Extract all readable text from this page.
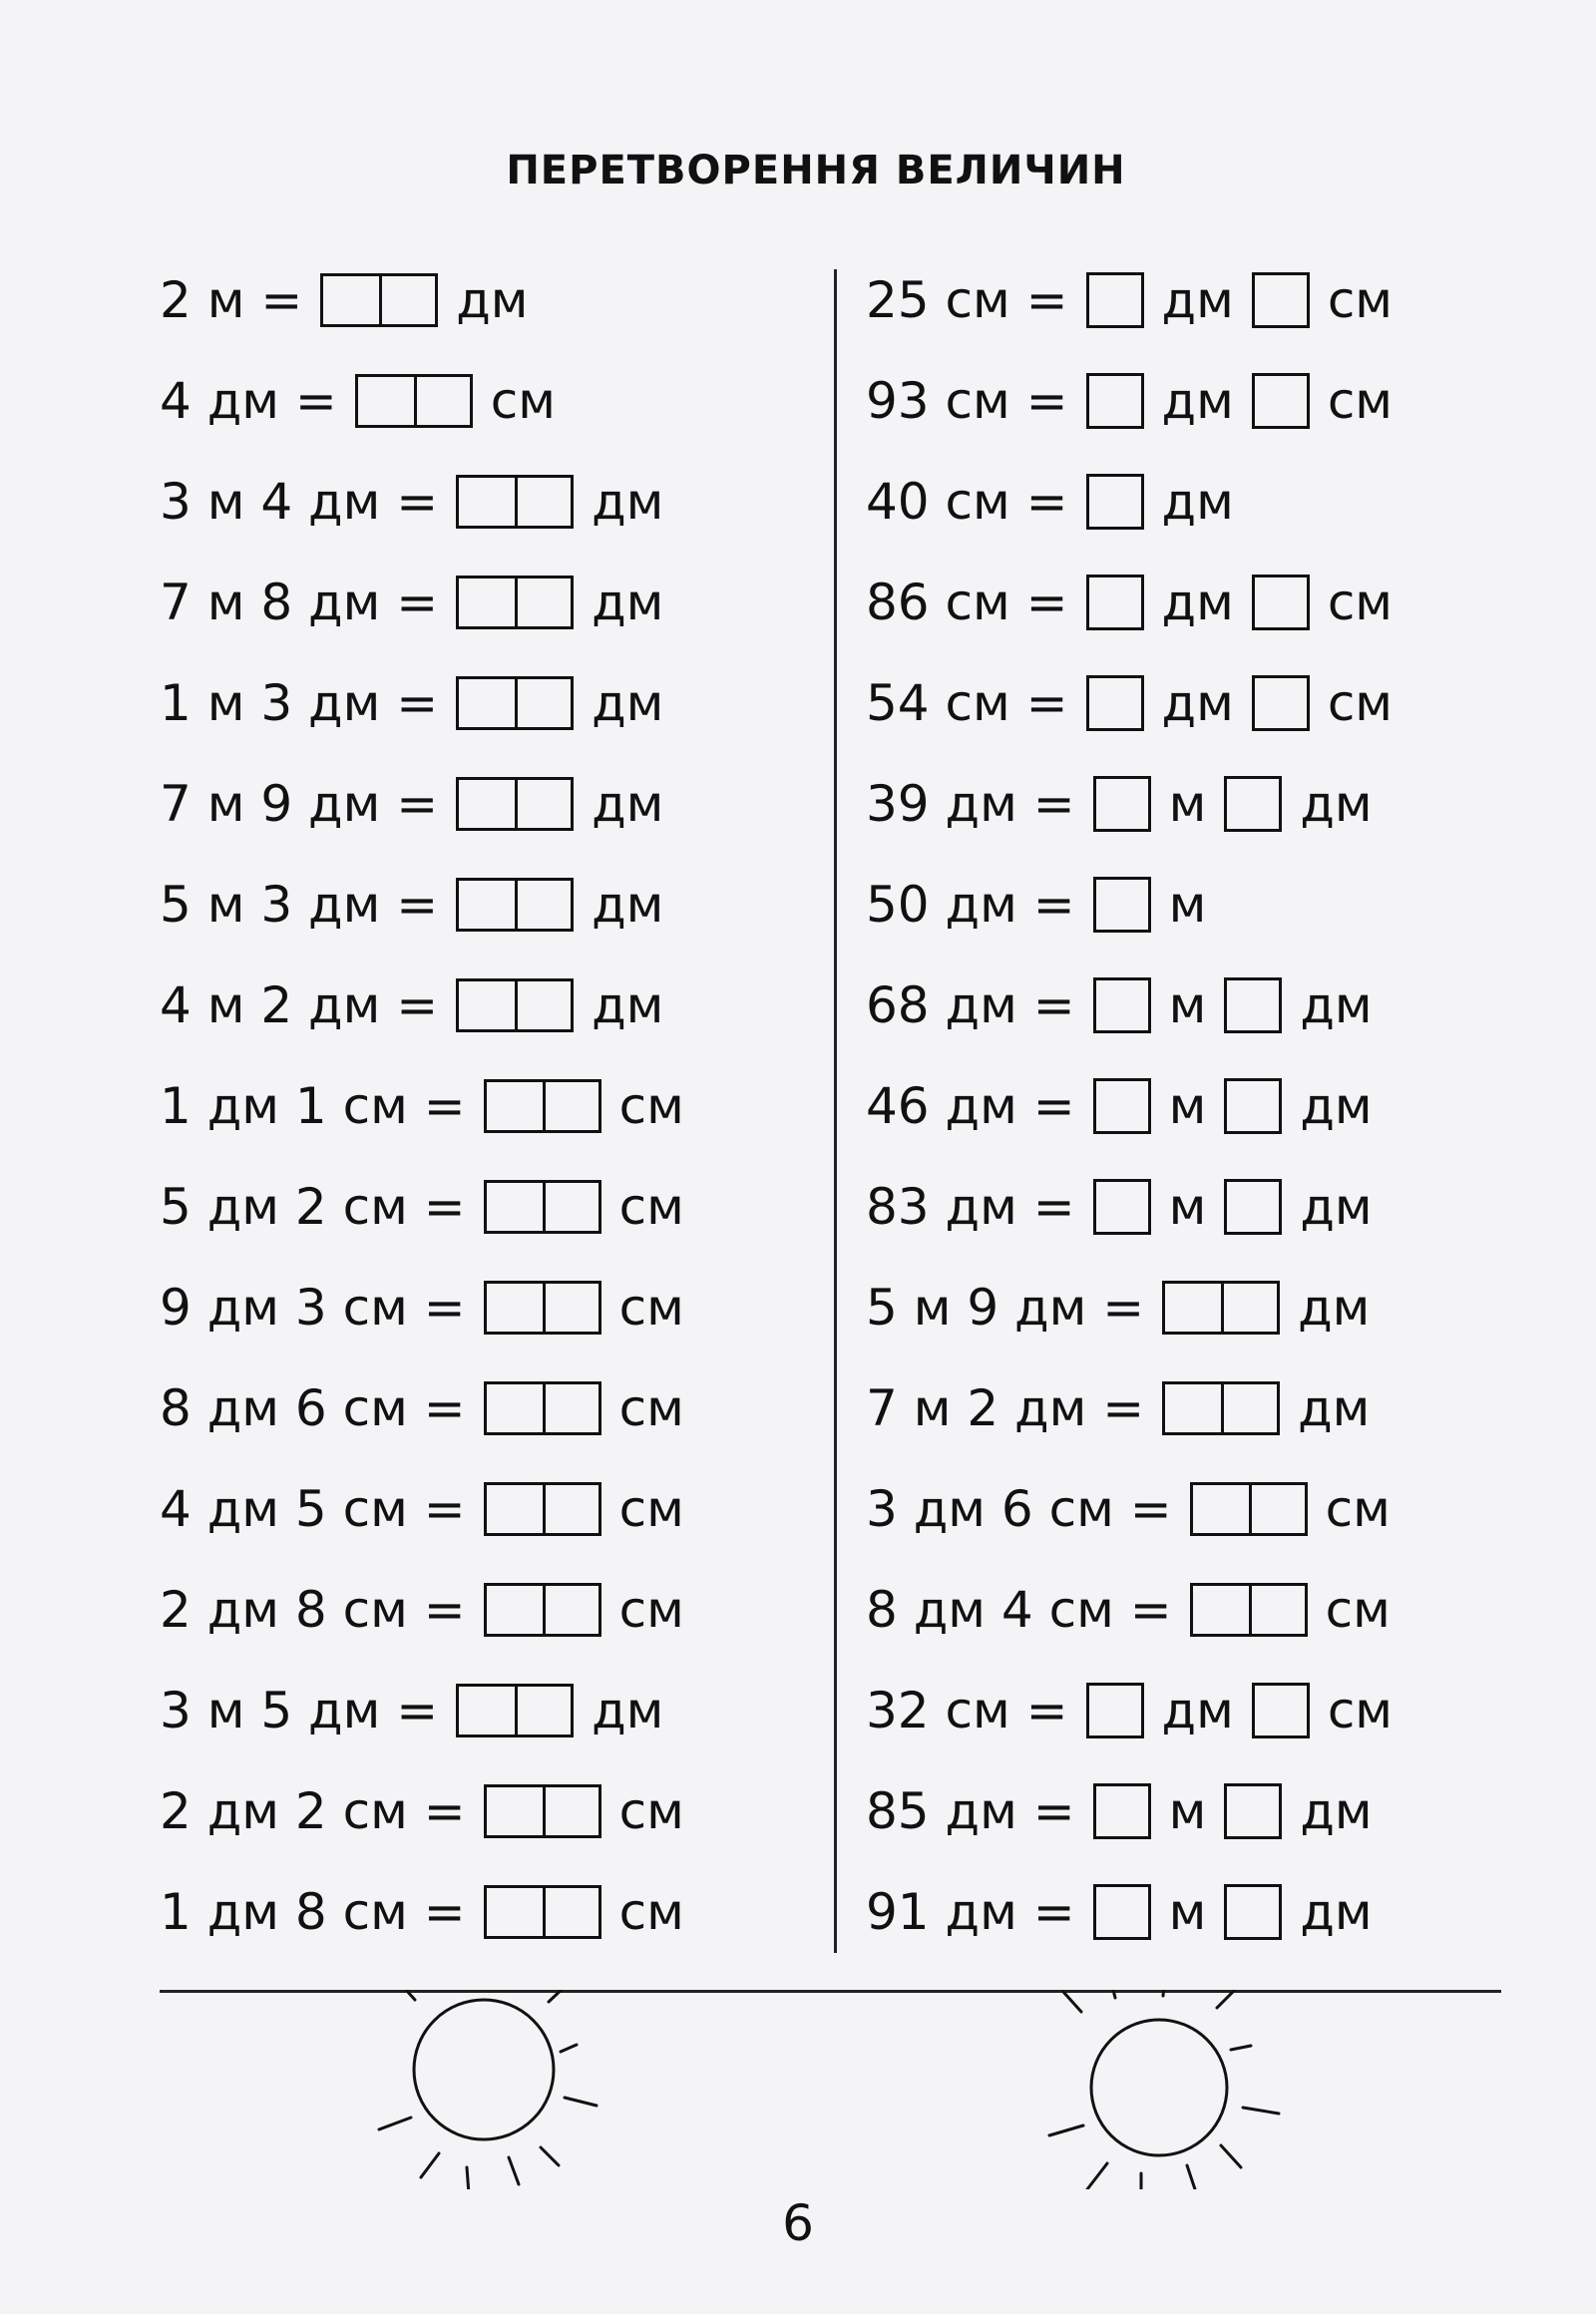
ПЕРЕТВОРЕННЯ ВЕЛИЧИН
2 м =	дм
4 дм =	см
3 м 4 дм =	дм
7 м 8 дм =	дм
1 м 3 дм =	дм
7 м 9 дм =	дм
5 м 3 дм =	дм
4 м 2 дм =	дм
1 дм 1 см =	см
5 дм 2 см =	см
9 дм 3 см =	см
8 дм 6 см =	см
4 дм 5 см =	см
2 дм 8 см =	см
3 м 5 дм =	дм
2 дм 2 см =	см
1 дм 8 см =	см
25 см = дм см
93 см = дм см
40 см = дм
86 см = дм см
54 см = дм см
39 дм = м дм
50 дм = м
68 дм = м дм
46 дм = м дм
83 дм = м дм
5 м 9 дм =	дм
7 м 2 дм =	дм
3 дм 6 см =	см
8 дм 4 см =	см
32 см = дм см
85 дм = м дм
91 дм = м дм
6
